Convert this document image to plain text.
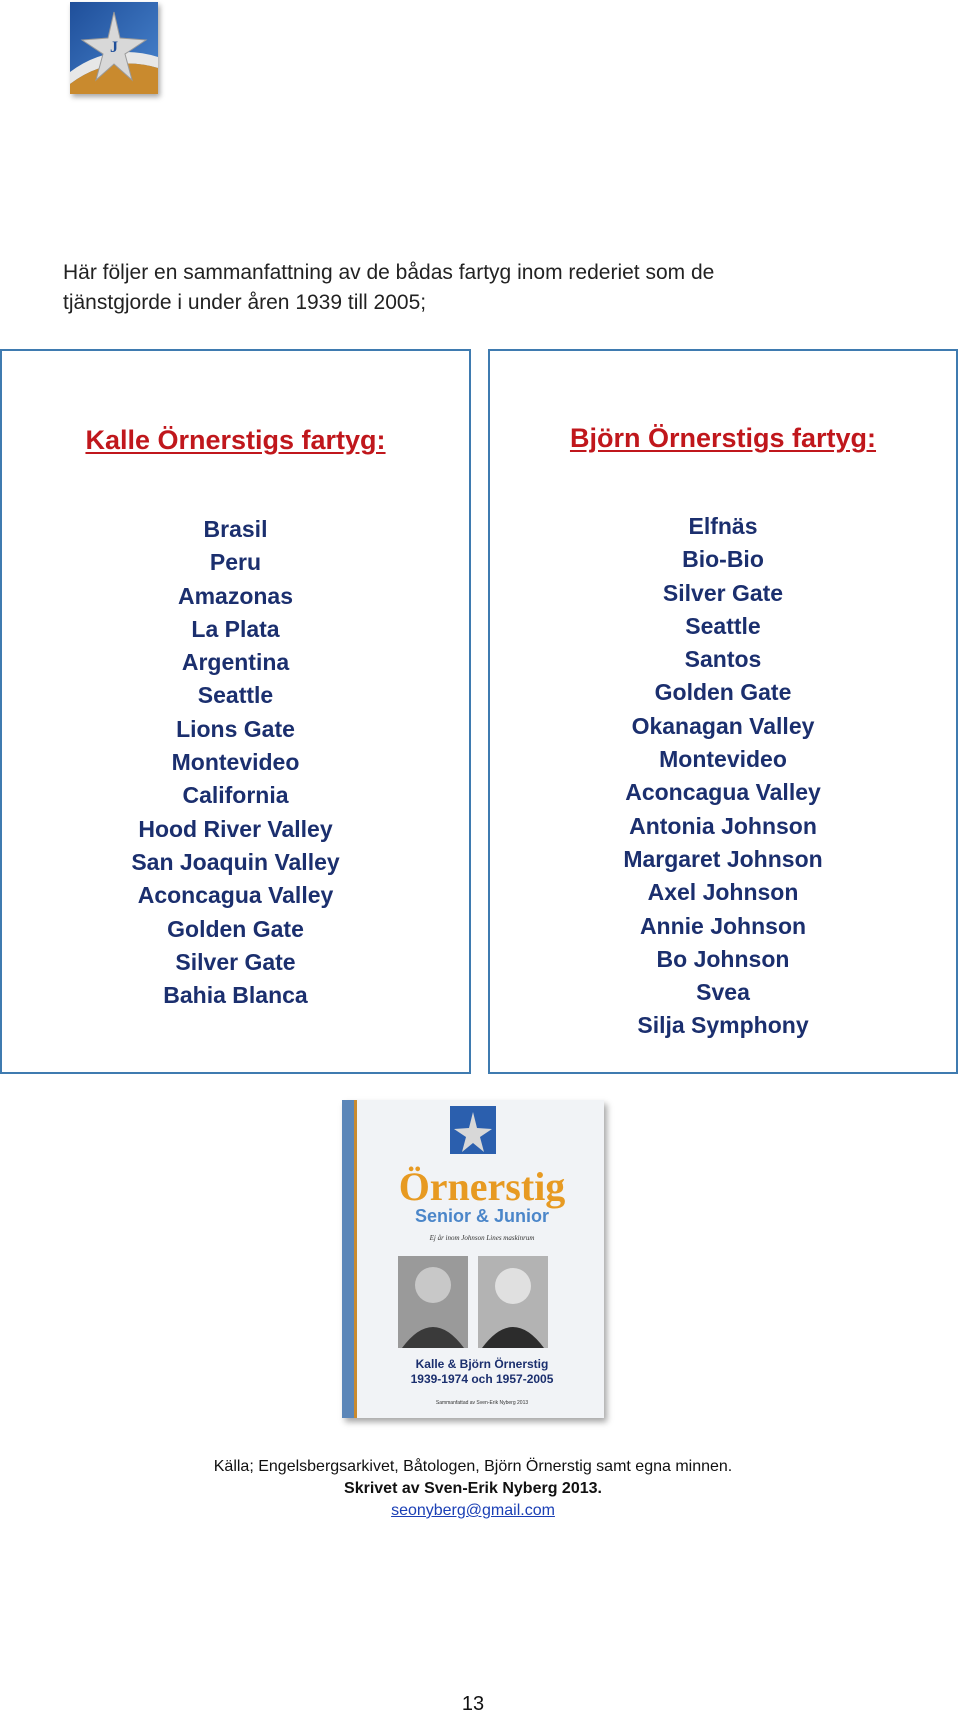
J
Här följer en sammanfattning av de bådas fartyg inom rederiet som de
tjänstgjorde i under åren 1939 till 2005;
Kalle Örnerstigs fartyg:
Brasil
Peru
Amazonas
La Plata
Argentina
Seattle
Lions Gate
Montevideo
California
Hood River Valley
San Joaquin Valley
Aconcagua Valley
Golden Gate
Silver Gate
Bahia Blanca
Björn Örnerstigs fartyg:
Elfnäs
Bio-Bio
Silver Gate
Seattle
Santos
Golden Gate
Okanagan Valley
Montevideo
Aconcagua Valley
Antonia Johnson
Margaret Johnson
Axel Johnson
Annie Johnson
Bo Johnson
Svea
Silja Symphony
Örnerstig
Senior & Junior
Ej år inom Johnson Lines maskinrum
Kalle & Björn Örnerstig
1939-1974 och 1957-2005
Sammanfattad av Sven-Erik Nyberg 2013
Källa; Engelsbergsarkivet, Båtologen, Björn Örnerstig samt egna minnen.
Skrivet av Sven-Erik Nyberg 2013.
seonyberg@gmail.com
13
